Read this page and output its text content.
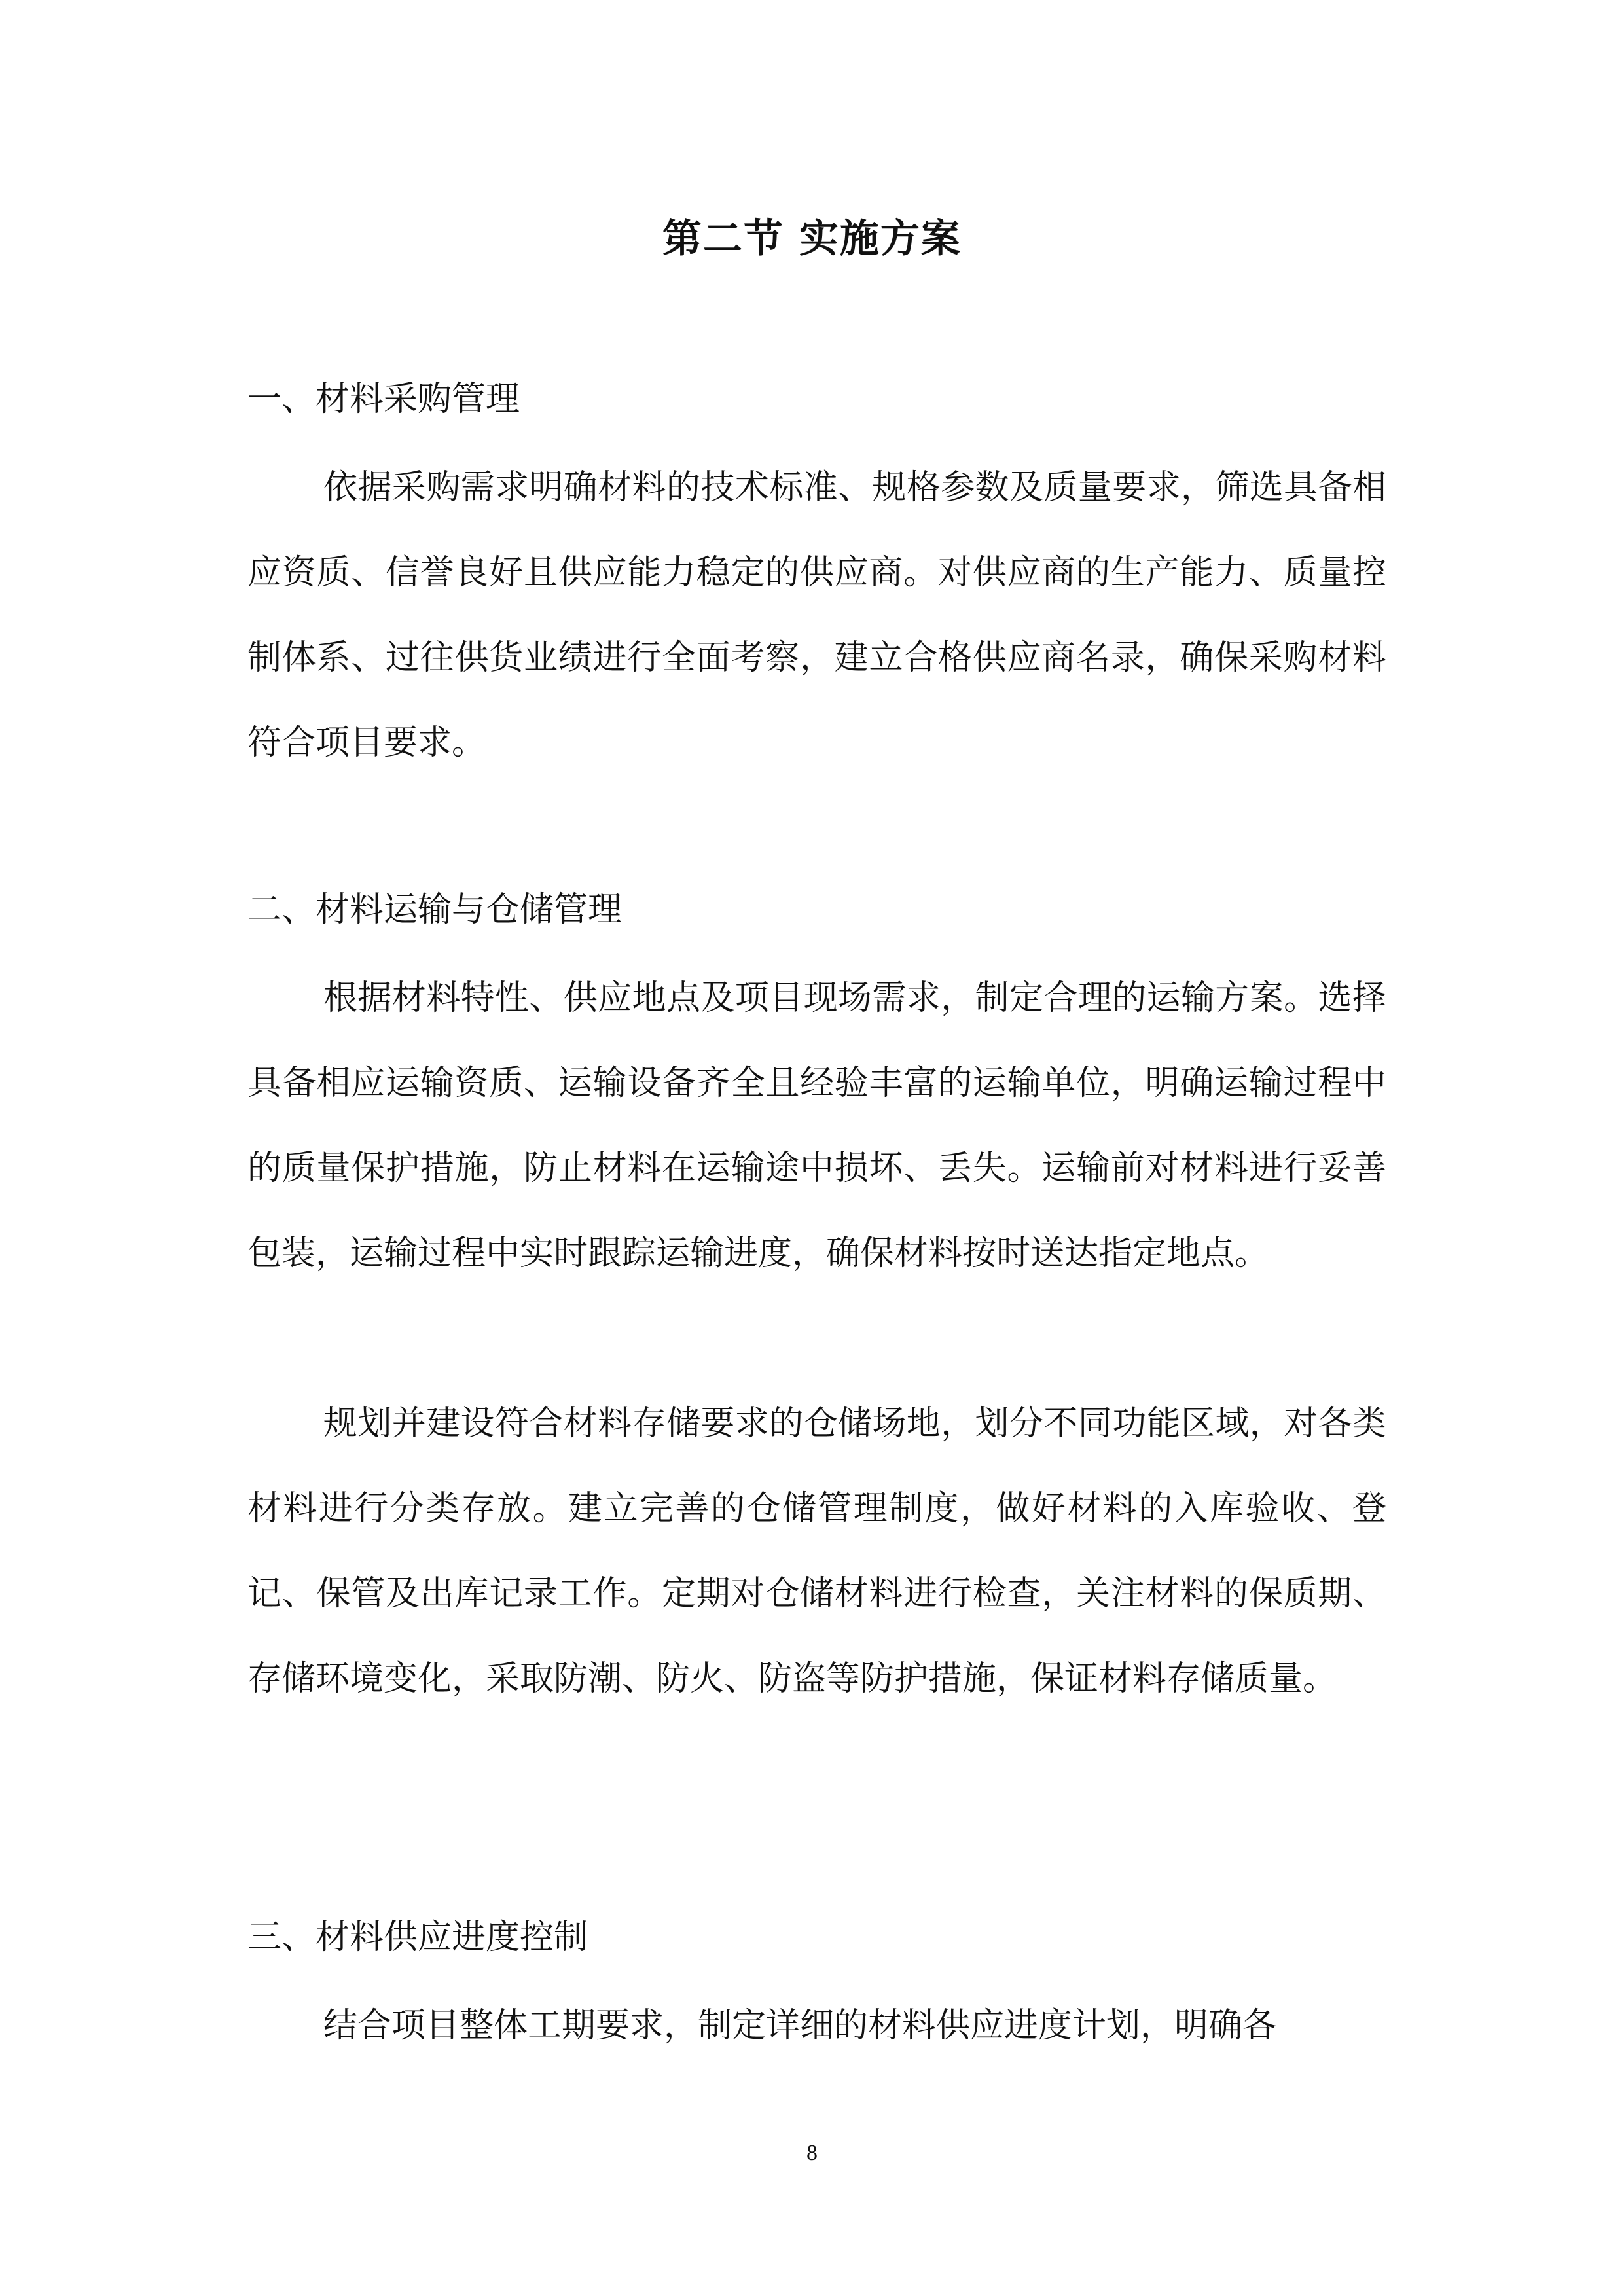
第二节 实施方案
一、材料采购管理
依据采购需求明确材料的技术标准、规格参数及质量要求，筛选具备相应资质、信誉良好且供应能力稳定的供应商。对供应商的生产能力、质量控制体系、过往供货业绩进行全面考察，建立合格供应商名录，确保采购材料符合项目要求。
二、材料运输与仓储管理
根据材料特性、供应地点及项目现场需求，制定合理的运输方案。选择具备相应运输资质、运输设备齐全且经验丰富的运输单位，明确运输过程中的质量保护措施，防止材料在运输途中损坏、丢失。运输前对材料进行妥善包装，运输过程中实时跟踪运输进度，确保材料按时送达指定地点。
规划并建设符合材料存储要求的仓储场地，划分不同功能区域，对各类材料进行分类存放。建立完善的仓储管理制度，做好材料的入库验收、登记、保管及出库记录工作。定期对仓储材料进行检查，关注材料的保质期、存储环境变化，采取防潮、防火、防盗等防护措施，保证材料存储质量。
三、材料供应进度控制
结合项目整体工期要求，制定详细的材料供应进度计划，明确各
8
